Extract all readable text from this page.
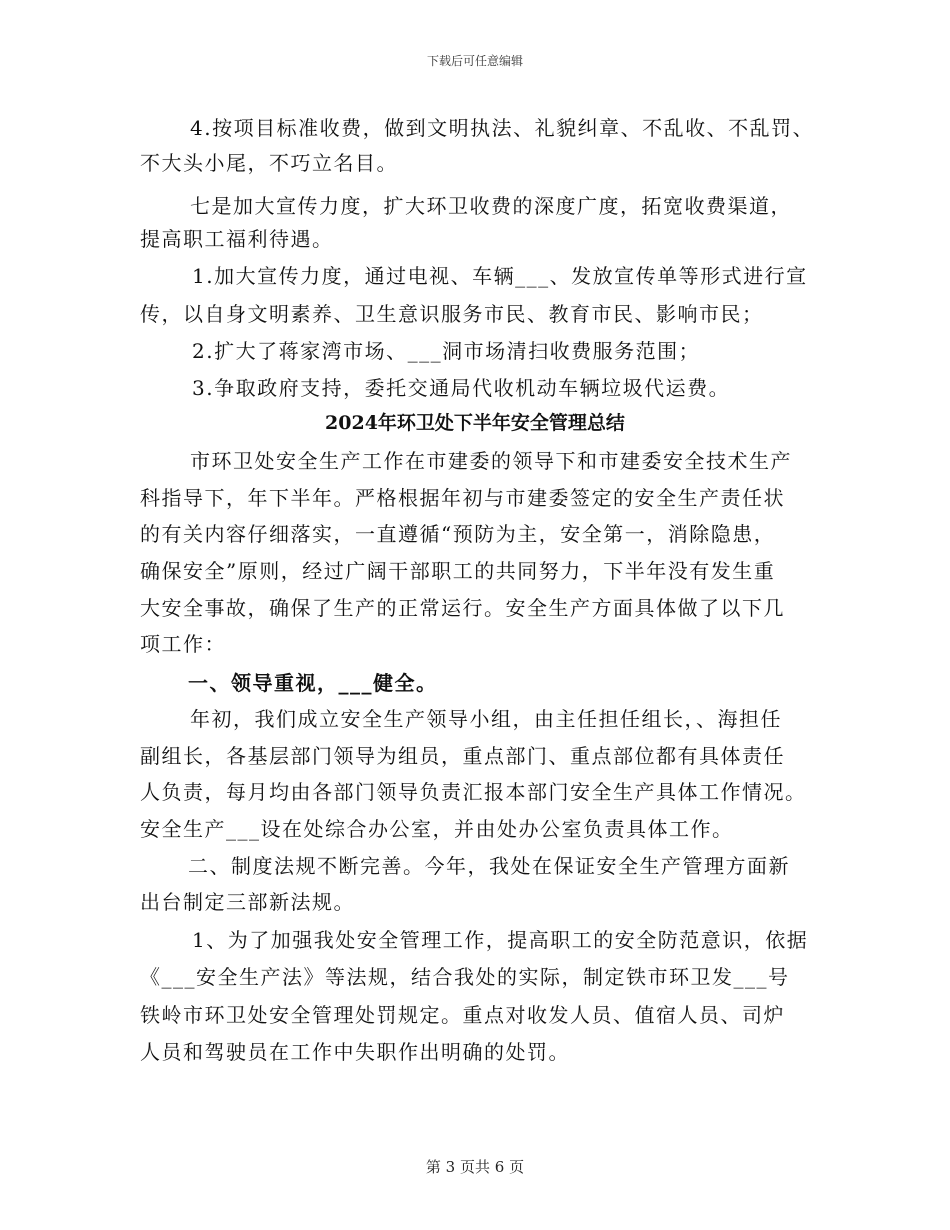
下载后可任意编辑
4.按项目标准收费，做到文明执法、礼貌纠章、不乱收、不乱罚、
不大头小尾，不巧立名目。
七是加大宣传力度，扩大环卫收费的深度广度，拓宽收费渠道，
提高职工福利待遇。
1.加大宣传力度，通过电视、车辆___、发放宣传单等形式进行宣
传，以自身文明素养、卫生意识服务市民、教育市民、影响市民；
2.扩大了蒋家湾市场、___洞市场清扫收费服务范围；
3.争取政府支持，委托交通局代收机动车辆垃圾代运费。
2024年环卫处下半年安全管理总结
市环卫处安全生产工作在市建委的领导下和市建委安全技术生产
科指导下，年下半年。严格根据年初与市建委签定的安全生产责任状
的有关内容仔细落实，一直遵循“预防为主，安全第一，消除隐患，
确保安全”原则，经过广阔干部职工的共同努力，下半年没有发生重
大安全事故，确保了生产的正常运行。安全生产方面具体做了以下几
项工作：
一、领导重视，___健全。
年初，我们成立安全生产领导小组，由主任担任组长，、海担任
副组长，各基层部门领导为组员，重点部门、重点部位都有具体责任
人负责，每月均由各部门领导负责汇报本部门安全生产具体工作情况。
安全生产___设在处综合办公室，并由处办公室负责具体工作。
二、制度法规不断完善。今年，我处在保证安全生产管理方面新
出台制定三部新法规。
1、为了加强我处安全管理工作，提高职工的安全防范意识，依据
《___安全生产法》等法规，结合我处的实际，制定铁市环卫发___号
铁岭市环卫处安全管理处罚规定。重点对收发人员、值宿人员、司炉
人员和驾驶员在工作中失职作出明确的处罚。
第 3 页共 6 页
